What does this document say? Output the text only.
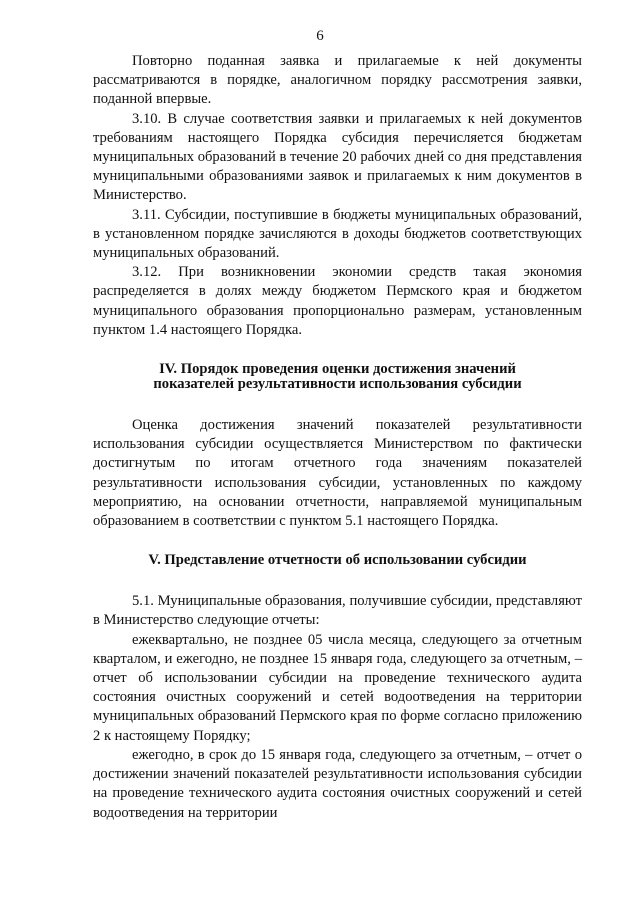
6

Повторно поданная заявка и прилагаемые к ней документы рассматриваются в порядке, аналогичном порядку рассмотрения заявки, поданной впервые.

3.10. В случае соответствия заявки и прилагаемых к ней документов требованиям настоящего Порядка субсидия перечисляется бюджетам муниципальных образований в течение 20 рабочих дней со дня представления муниципальными образованиями заявок и прилагаемых к ним документов в Министерство.

3.11. Субсидии, поступившие в бюджеты муниципальных образований, в установленном порядке зачисляются в доходы бюджетов соответствующих муниципальных образований.

3.12. При возникновении экономии средств такая экономия распределяется в долях между бюджетом Пермского края и бюджетом муниципального образования пропорционально размерам, установленным пунктом 1.4 настоящего Порядка.

IV. Порядок проведения оценки достижения значений
показателей результативности использования субсидии

Оценка достижения значений показателей результативности использования субсидии осуществляется Министерством по фактически достигнутым по итогам отчетного года значениям показателей результативности использования субсидии, установленных по каждому мероприятию, на основании отчетности, направляемой муниципальным образованием в соответствии с пунктом 5.1 настоящего Порядка.

V. Представление отчетности об использовании субсидии

5.1. Муниципальные образования, получившие субсидии, представляют в Министерство следующие отчеты:

ежеквартально, не позднее 05 числа месяца, следующего за отчетным кварталом, и ежегодно, не позднее 15 января года, следующего за отчетным, – отчет об использовании субсидии на проведение технического аудита состояния очистных сооружений и сетей водоотведения на территории муниципальных образований Пермского края по форме согласно приложению 2 к настоящему Порядку;

ежегодно, в срок до 15 января года, следующего за отчетным, – отчет о достижении значений показателей результативности использования субсидии на проведение технического аудита состояния очистных сооружений и сетей водоотведения на территории
